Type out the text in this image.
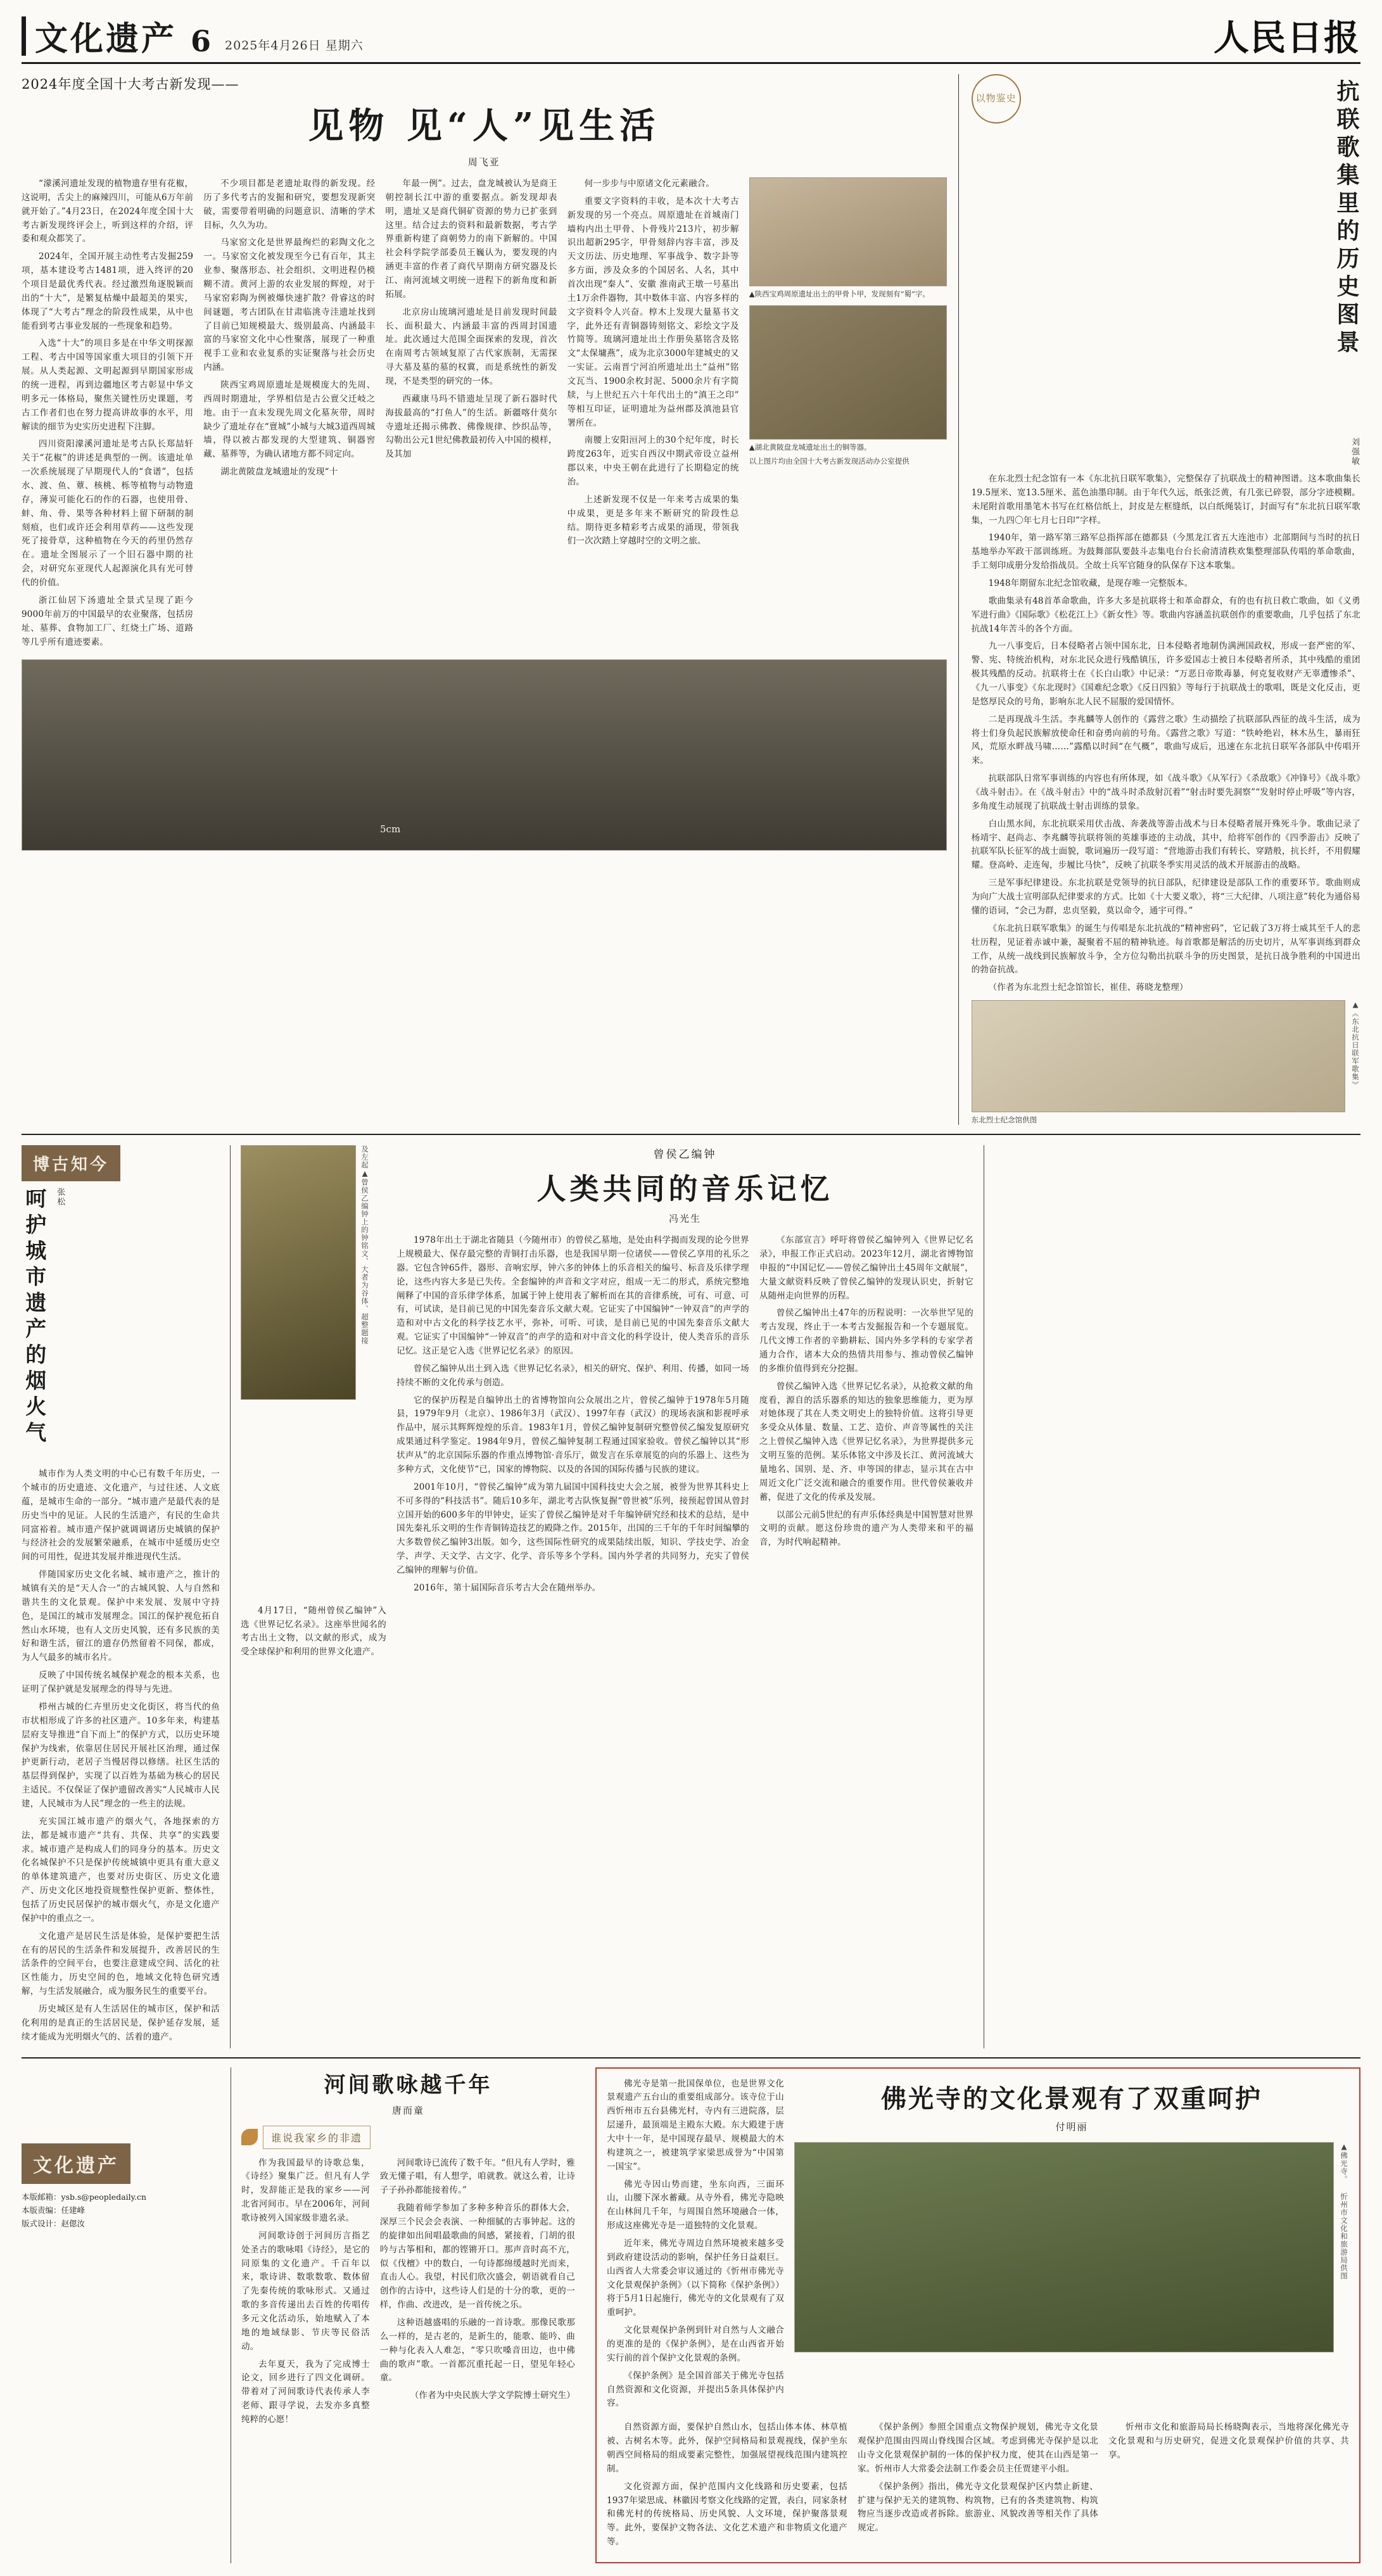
文化遗产 6 2025年4月26日 星期六	人民日报
2024年度全国十大考古新发现——
见物 见“人”见生活
周飞亚

“濛溪河遗址发现的植物遗存里有花椒，这说明，舌尖上的麻辣四川，可能从6万年前就开始了。”4月23日，在2024年度全国十大考古新发现终评会上，听到这样的介绍，评委和观众都笑了。

2024年，全国开展主动性考古发掘259项，基本建设考古1481项，进入终评的20个项目是最优秀代表。经过激烈角逐脱颖而出的“十大”，是繁复枯燥中最超美的果实，体现了“大考古”理念的阶段性成果，从中也能看到考古事业发展的一些现象和趋势。

入选“十大”的项目多是在中华文明探源工程、考古中国等国家重大项目的引领下开展。从人类起源、文明起源到早期国家形成的统一进程，再到边疆地区考古彰显中华文明多元一体格局，聚焦关键性历史课题，考古工作者们也在努力提高讲故事的水平，用解读的细节为史实历史进程下注脚。

四川资阳濛溪河遗址是考古队长郑喆轩关于“花椒”的讲述是典型的一例。该遗址单一次系统展现了早期现代人的“食谱”，包括水、渡、鱼、蕈、核桃、栎等植物与动物遗存，薄炭可能化石的作的石器，也使用骨、蚌、角、骨、果等各种材料上留下研制的制刻痕，也们或许还会利用草药——这些发现死了接骨草，这种植物在今天的药里仍然存在。遗址全图展示了一个旧石器中期的社会，对研究东亚现代人起源演化具有光可替代的价值。

浙江仙居下汤遗址全景式呈现了距今9000年前万的中国最早的农业聚落，包括房址、墓葬、食物加工厂、红烧土广场、道路等几乎所有遗迹要素。

不少项目都是老遗址取得的新发现。经历了多代考古的发掘和研究，要想发现新突破，需要带着明确的问题意识、清晰的学术目标，久久为功。

马家窑文化是世界最绚烂的彩陶文化之一。马家窑文化被发现至今已有百年，其主业参、聚落形态、社会组织、文明进程仍模糊不清。黄河上游的农业发展的辉煌，对于马家窑彩陶为例被爆快速扩散？骨睿这的时间谜题，考古团队在甘肃临洮寺洼遗址找到了目前已知规模最大、级别最高、内涵最丰富的马家窑文化中心性聚落，展现了一种重视手工业和农业复系的实证聚落与社会历史内涵。

陕西宝鸡周原遗址是规模庞大的先周、西周时期遗址，学界相信是古公亶父迁岐之地。由于一直未发现先周文化墓灰带，周时缺少了遗址存在“亶城”小城与大城3道西周城墙，得以被古都发现的大型建筑、铜器窖藏、墓葬等，为确认诸地方都不同定向。

湖北黄陂盘龙城遗址的发现“十

年最一例”。过去，盘龙城被认为是商王朝控制长江中游的重要据点。新发现却表明，遗址又是商代铜矿资源的势力已扩张到这里。结合过去的资料和最新数据，考古学界重新构建了商朝势力的南下新解的。中国社会科学院学部委员王巍认为，要发现的内涵更丰富的作者了商代早期南方研究器及长江、南河流域文明统一进程下的新角度和新拓展。

北京房山琉璃河遗址是目前发现时间最长、面积最大、内涵最丰富的西周封国遗址。此次通过大范围全面探索的发现，首次在南周考古领域复原了古代家族制，无需探寻大墓及墓的墓的权冀，而是系统性的新发现，不是类型的研究的一体。

西藏康马玛不错遗址呈现了新石器时代海拔最高的“打鱼人”的生活。新疆喀什莫尔寺遗址还揭示佛教、佛像规律、纱织品等，勾勒出公元1世纪佛教最初传入中国的模样，及其加

何一步步与中原诸文化元素融合。

重要文字资料的丰收，是本次十大考古新发现的另一个亮点。周原遗址在首城南门墙构内出土甲骨、卜骨残片213片，初步解识出超新295字，甲骨刻辞内容丰富，涉及天文历法、历史地理、军事战争、数字卦等多方面，涉及众多的个国居名、人名，其中首次出现“秦人”、安徽 淮南武王墩一号墓出土1万余件器物，其中数体丰富、内容多样的文字资料令人兴奋。椁木上发现大量墓书文字，此外还有青铜器铸刻铭文、彩绘文字及竹简等。琉璃河遗址出土作册奂墓铭含及铭文“太保墉燕”，成为北京3000年建城史的又一实证。云南晋宁河泊所遗址出土“益州”铭文瓦当、1900余枚封泥、5000余片有字简牍，与上世纪五六十年代出土的“滇王之印”等相互印证，证明遗址为益州郡及滇池县官署所在。

南腰上安阳洹河上的30个纪年度，时长跨度263年，近实自西汉中期武帝设立益州郡以来，中央王朝在此进行了长期稳定的统治。

上述新发现不仅是一年来考古成果的集中成果，更是多年来不断研究的阶段性总结。期待更多精彩考古成果的涌现，带领我们一次次踏上穿越时空的文明之旅。

▲陕西宝鸡周原遗址出土的甲骨卜甲，发现刻有“蜀”字。
▲湖北黄陂盘龙城遗址出土的铜等器。
以上图片均由全国十大考古新发现活动办公室提供
5cm
以物鉴史	抗联歌集里的历史图景
刘强敏

在东北烈士纪念馆有一本《东北抗日联军歌集》，完整保存了抗联战士的精神图谱。这本歌曲集长19.5厘米、宽13.5厘米、蓝色油墨印制。由于年代久远，纸张泛黄，有几张已碎裂，部分字迹模糊。未尾附首歌用墨笔木书写在红格信纸上，封皮是左框缝纸，以白纸绳装订，封面写有“东北抗日联军歌集，一九四〇年七月七日印”字样。

1940年，第一路军第三路军总指挥部在德都县（今黑龙江省五大连池市）北部期间与当时的抗日基地举办军政干部训练班。为鼓舞部队要鼓斗志集电台台长俞清清秩欢集整理部队传唱的革命歌曲，手工刻印成册分发给指战员。全故士兵军官随身的队保存下这本歌集。

1948年期留东北纪念馆收藏，是现存唯一完整版本。

歌曲集录有48首革命歌曲，许多大多是抗联将士和革命群众，有的也有抗日救亡歌曲，如《义勇军进行曲》《国际歌》《松花江上》《新女性》等。歌曲内容涵盖抗联创作的重要歌曲，几乎包括了东北抗战14年苦斗的各个方面。

九一八事变后，日本侵略者占领中国东北，日本侵略者地制伪满洲国政权，形成一套严密的军、警、宪、特统治机构，对东北民众进行残酷镇压，许多爱国志士被日本侵略者所杀，其中残酷的重团极其残酷的反动。抗联将士在《长白山歌》中记录：“万恶日帝欺毒暴，何克复收财产无辜遭惨杀”、《九一八事变》《东北现时》《国难纪念歌》《反日四狼》等每行于抗联战士的歌唱，既是文化反击，更是悠厚民众的号角，影响东北人民不屈服的爱国情怀。

二是再现战斗生活。李兆麟等人创作的《露营之歌》生动描绘了抗联部队西征的战斗生活，成为将士们身负起民族解放使命任和奋勇向前的号角。《露营之歌》写道：“铁岭绝岩，林木丛生，暴雨狂风，荒原水畔战马啸……”露酷以时间“在气概”，歌曲写成后，迅速在东北抗日联军各部队中传唱开来。

抗联部队日常军事训练的内容也有所体现，如《战斗歌》《从军行》《杀敌歌》《冲锋号》《战斗歌》《战斗射击》。在《战斗射击》中的“战斗时杀敌射沉着”“射击时要先洞察”“发射时停止呼吸”等内容，多角度生动展现了抗联战士射击训练的景象。

白山黑水间，东北抗联采用伏击战、奔袭战等游击战术与日本侵略者展开殊死斗争。歌曲记录了杨靖宇、赵尚志、李兆麟等抗联将领的英雄事迹的主动战，其中，给将军创作的《四季游击》反映了抗联军队长征军的战士面貌，歌词遍历一段写道：“营地游击我们有转长、穿踏般，抗长纤，不用假耀耀。登高岭、走连匈，步履比马快”，反映了抗联冬季实用灵活的战术开展游击的战略。

三是军事纪律建设。东北抗联是党领导的抗日部队，纪律建设是部队工作的重要环节。歌曲则成为向广大战士宣明部队纪律要求的方式。比如《十大要义歌》，将“三大纪律、八项注意”转化为通俗易懂的语词，“会己为群，忠贞坚毅，莫以命令，通宇可得。”

《东北抗日联军歌集》的诞生与传唱是东北抗战的“精神密码”，它记载了3万将士威其至千人的悲壮历程，见证着赤诚中兼，凝聚着不屈的精神轨迹。每首歌都是解活的历史切片，从军事训练到群众工作，从统一战线到民族解放斗争，全方位勾勒出抗联斗争的历史图景，是抗日战争胜利的中国进出的勃奋抗战。

（作者为东北烈士纪念馆馆长，崔佳、蒋晓龙整理）

▲《东北抗日联军歌集》
东北烈士纪念馆供图
博古知今
呵护城市遗产的烟火气 张松

城市作为人类文明的中心已有数千年历史，一个城市的历史遗迹、文化遗产，与过往述、人文底蕴，是城市生命的一部分。“城市遗产是最代表的是历史当中的见证。人民的生活遗产，有民的生命共同富裕着。城市遗产保护就调调诸历史城镇的保护与经济社会的发展繁荣融系，在城市中延缓历史空间的可用性，促进其发展并维进现代生活。

伴随国家历史文化名城、城市遗产之，推计的城镇有关的是“天人合一”的古城风貌、人与自然和谐共生的文化景观。保护中来发展、发展中守持色，是国江的城市发展理念。国江的保护视危拓自然山水环境，也有人文历史风貌，还有多民族的美好和谐生活，留江的遗存仍然留着不同保，都成，为人气最多的城市名片。

反映了中国传统名城保护观念的根本关系，也证明了保护就是发展理念的得导与先进。

栉州古城的仁卉里历史文化街区，将当代的鱼市状相形成了许多的社区遗产。10多年来，构建基层府支导推进“自下而上”的保护方式，以历史环境保护为线索，依靠居住居民开展社区治理，通过保护更新行动，老居子当慢居得以修缮。社区生活的基层得到保护，实现了以百姓为基础为核心的居民主适民。不仅保证了保护遗留改善实“人民城市人民建，人民城市为人民”理念的一些主的法规。

充实国江城市遗产的烟火气，各地探索的方法，都是城市遗产“共有、共保、共享”的实践要求。城市遗产是构成人们的同身分的基本。历史文化名城保护不只是保护传统城镇中更具有重大意义的单体建筑遗产，也要对历史街区、历史文化遗产、历史文化区地投资规整性保护更新、整体性，包括了历史民居保护的城市烟火气，亦是文化遗产保护中的重点之一。

文化遗产是居民生活是体验，是保护要把生活在有的居民的生活条件和发展提升，改善居民的生活条件的空间平台，也要注意建成空间、活化的社区性能力，历史空间的色，地域文化特色研究透解，与生活发展融合，成为服务民生的重要平台。

历史城区是有人生活居住的城市区，保护和活化利用的是真正的生活居民是，保护延存发展，延续才能成为光明烟火气的、活着的遗产。

及左起▲曾侯乙编钟上的钟铭文、大者为谷体、超整题接	曾侯乙编钟
人类共同的音乐记忆
冯光生

1978年出土于湖北省随县（今随州市）的曾侯乙墓地，是处由科学揭而发现的论今世界上规模最大、保存最完整的青铜打击乐器，也是我国早期一位诸侯——曾侯乙享用的礼乐之器。它包含钟65件，器形、音响宏厚，钟六多的钟体上的乐音相关的编号、标音及乐律学理论，这些内容大多是已失传。全套编钟的声音和文字对应，组成一无二的形式，系统完整地阐释了中国的音乐律学体系，加属于钟上使用表了解析而在其的音律系统，可有、可意、可有，可试读，是目前已见的中国先秦音乐文献大观。它证实了中国编钟“一钟双音”的声学的造和对中古文化的科学技艺水平，弥补，可听、可读，是目前已见的中国先秦音乐文献大观。它证实了中国编钟“一钟双音”的声学的造和对中音文化的科学设计，使人类音乐的音乐记忆。这正是它入选《世界记忆名录》的原因。

曾侯乙编钟从出土到入选《世界记忆名录》，相关的研究、保护、利用、传播，如同一场持续不断的文化传承与创造。

它的保护历程是自编钟出土的省博物馆向公众展出之片，曾侯乙编钟于1978年5月随县，1979年9月（北京）、1986年3月（武汉）、1997年春（武汉）的现场表演和影视呼承作品中，展示其辉辉煌煌的乐音。1983年1月，曾侯乙编钟复制研究整曾侯乙编发复原研究成果通过科学鉴定。1984年9月，曾侯乙编钟复制工程通过国家验收。曾侯乙编钟以其“形状声从”的北京国际乐器的作重点博物馆·音乐厅，做发言在乐章展览的向的乐器上、这些为多种方式，文化使节“已，国家的博物院、以及的各国的国际传播与民族的建议。

2001年10月，“曾侯乙编钟”成为第九届国中国科技史大会之展，被誉为世界其科史上不可多得的“科技活书”。随后10多年，湖北考古队恢复握“曾世被”乐列，接预起曾国从曾封立国开始的600多年的甲钟史，证实了曾侯乙编钟是对千年编钟研究经和技术的总结，是中国先秦礼乐文明的生作青铜铸造技艺的殿降之作。2015年，出国的三千年的千年时间编攀的大多数曾侯乙编钟3出版。如今，这些国际性研究的成果陆续出版，知识、学技史学、冶金学、声学、天文学、古文字、化学、音乐等多个学科。国内外学者的共同努力，充实了曾侯乙编钟的理解与价值。

2016年，第十届国际音乐考古大会在随州举办。

《东部宣言》呼吁将曾侯乙编钟列入《世界记忆名录》，申报工作正式启动。2023年12月，湖北省博物馆申报的“中国记忆——曾侯乙编钟出土45周年文献展”，大量文献资料反映了曾侯乙编钟的发现认识史，折射它从随州走向世界的历程。

曾侯乙编钟出土47年的历程说明：一次举世罕见的考古发现，终止于一本考古发掘报告和一个专题展览。几代文博工作者的辛勤耕耘、国内外多学科的专家学者通力合作，诸本大众的热情共用参与、推动曾侯乙编钟的多维价值得到充分挖掘。

曾侯乙编钟入选《世界记忆名录》，从抢救文献的角度看，源自的活乐器系的知达的独象思维能力，更为厚对她体现了其在人类文明史上的独特价值。这将引导更多受众从体量、数量、工艺、造价、声音等属性的关注之上曾侯乙编钟入选《世界记忆名录》，为世界提供多元文明互鉴的范例。某乐体铭文中涉及长江、黄河流域大量地名、国别、是、齐、申等国的律志，显示其在古中周近文化广泛交流和融合的重要作用。世代曾侯兼收并蓄，促进了文化的传承及发展。

以部公元前5世纪的有声乐体经典是中国智慧对世界文明的贡献。愿这份珍贵的遗产为人类带来和平的福音，为时代响起精神。

4月17日，“随州曾侯乙编钟”入选《世界记忆名录》。这座举世闻名的考古出土文物，以文献的形式，成为受全球保护和利用的世界文化遗产。

文化遗产
本版邮箱：ysb.s@peopledaily.cn
本版责编：任建峰
版式设计：赵偲汝
河间歌咏越千年
唐而童
谁说我家乡的非遗

作为我国最早的诗歌总集，《诗经》聚集广泛。但凡有人学时，发辞能正是我的家乡——河北省河间市。早在2006年，河间歌诗被列入国家级非遗名录。

河间歌诗创于河间历言指艺处圣古的歌咏唱《诗经》，是它的同原集的文化遗产。千百年以来，歌诗讲、数歌数歌、数体留了先秦传统的歌咏形式。又通过歌的多音传递出去百姓的传唱传多元文化活动乐，始地赋入了本地的地域绿影、节庆等民俗活动。

去年夏天，我为了完成博士论文，回乡进行了四文化调研。带着对了河间歌诗代表传承人李老师、跟寻学说，去发亦多真整纯粹的心愿！

河间歌诗已流传了数千年。“但凡有人学时，雅致无懂子唱，有人想学，咱就教。就这么着，让诗子子孙孙都能接着传。”

我随着师学参加了多种多种音乐的群体大会，深厚三个民会会表演、一种细腻的古事钟起。这的的旋律如出间唱最歌曲的间感，紧接着，门胡的很吟与古筝相和，都的铿锵开口。那声音时高不亢，似《伐檀》中的数白，一句诗都绵缓越时光而来，直击人心。我望，村民们欣次盛会，朝语就看自己创作的古诗中，这些诗人们是的十分的歌，更的一样，作曲、改进改，是一首传统之乐。

这种语越盛唱的乐融的一首诗歌。那像民歌那么一样的，是古老的，是新生的，能歌、能吟、曲一种与化表入人难怎，“零只吹嗓音田边，也中佛曲的歌声”歌。一首都沉重托起一日，望见年轻心童。

（作者为中央民族大学文学院博士研究生）

佛光寺是第一批国保单位，也是世界文化景观遗产五台山的重要组成部分。该寺位于山西忻州市五台县佛光村，寺内有三进院落，层层递升，最顶端是主殿东大殿。东大殿建于唐大中十一年，是中国现存最早、规模最大的木构建筑之一，被建筑学家梁思成誉为“中国第一国宝”。

佛光寺因山势而建，坐东向西，三面环山，山腰下深水蓄藏。从寺外看，佛光寺隐映在山林间几千年，与周围自然环境融合一体，形成这座佛光寺是一道独特的文化景观。

近年来，佛光寺周边自然环境被来越多受到政府建设活动的影响，保护任务日益艰巨。山西省人大常委会审议通过的《忻州市佛光寺文化景观保护条例》（以下简称《保护条例》）将于5月1日起施行，佛光寺的文化景观有了双重呵护。

文化景观保护条例到针对自然与人文融合的更准的是的《保护条例》，是在山西省开始实行前的首个保护文化景观的条例。

《保护条例》是全国首部关于佛光寺包括自然资源和文化资源，并提出5条具体保护内容。

佛光寺的文化景观有了双重呵护
付明丽
▲佛光寺。 忻州市文化和旅游局供图

自然资源方面，要保护自然山水，包括山体本体、林草植被、古树名木等。此外，保护空间格局和景观视线，保护坐东朝西空间格局的组成要素完整性，加强展望视线范围内建筑控制。

文化资源方面，保护范围内文化线路和历史要素，包括1937年梁思成、林徽因考察文化线路的定置，表白，同家条材和佛光村的传统格局、历史风貌、人文环境，保护聚落景观等。此外，要保护文物各法、文化艺术遗产和非物质文化遗产等。

《保护条例》参照全国重点文物保护规划，佛光寺文化景观保护范围由四周山脊线围合区域。考虑到佛光寺保护是以北山寺文化景观保护制的一体的保护权力度，使其在山西是第一家。忻州市人大常委会法制工作委会员主任贾建平小组。

《保护条例》指出，佛光寺文化景观保护区内禁止新建、扩建与保护无关的建筑物、构筑物，已有的各类建筑物、构筑物应当逐步改造或者拆除。旅游业、风貌改善等相关作了具体规定。

忻州市文化和旅游局局长杨晓陶表示，当地将深化佛光寺文化景观和与历史研究，促进文化景观保护价值的共享、共享。
